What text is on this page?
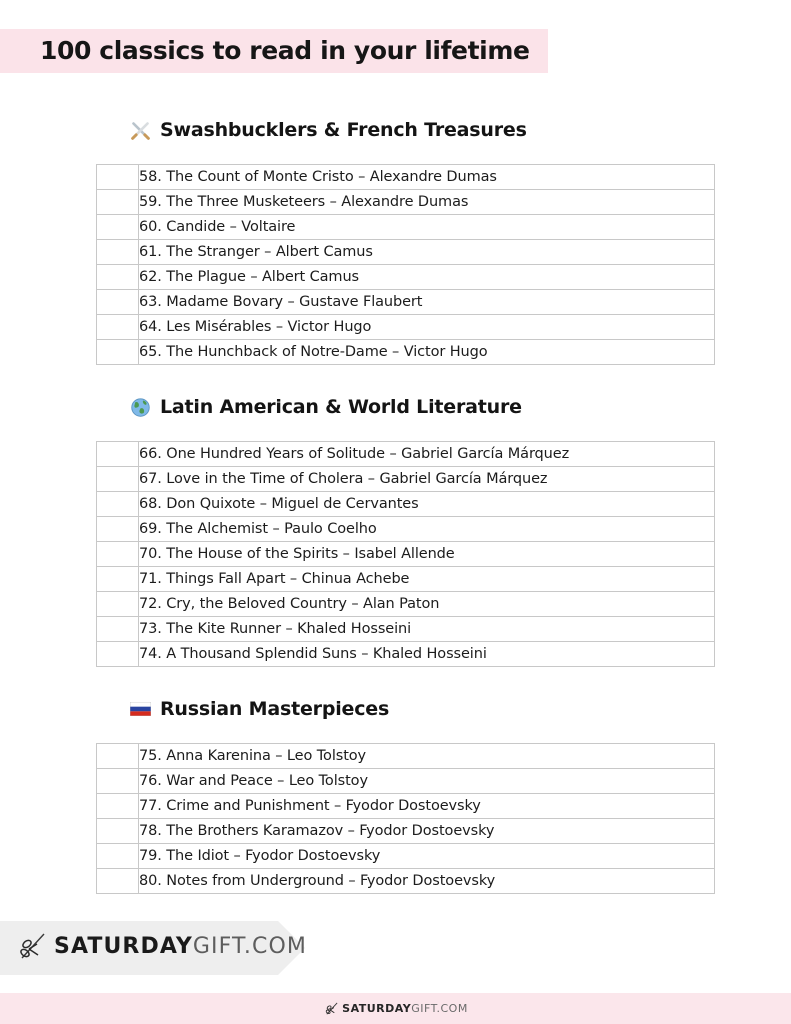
100 classics to read in your lifetime
Swashbucklers & French Treasures
	58. The Count of Monte Cristo – Alexandre Dumas

	59. The Three Musketeers – Alexandre Dumas

	60. Candide – Voltaire

	61. The Stranger – Albert Camus

	62. The Plague – Albert Camus

	63. Madame Bovary – Gustave Flaubert

	64. Les Misérables – Victor Hugo

	65. The Hunchback of Notre-Dame – Victor Hugo
Latin American & World Literature
	66. One Hundred Years of Solitude – Gabriel García Márquez

	67. Love in the Time of Cholera – Gabriel García Márquez

	68. Don Quixote – Miguel de Cervantes

	69. The Alchemist – Paulo Coelho

	70. The House of the Spirits – Isabel Allende

	71. Things Fall Apart – Chinua Achebe

	72. Cry, the Beloved Country – Alan Paton

	73. The Kite Runner – Khaled Hosseini

	74. A Thousand Splendid Suns – Khaled Hosseini
Russian Masterpieces
	75. Anna Karenina – Leo Tolstoy

	76. War and Peace – Leo Tolstoy

	77. Crime and Punishment – Fyodor Dostoevsky

	78. The Brothers Karamazov – Fyodor Dostoevsky

	79. The Idiot – Fyodor Dostoevsky

	80. Notes from Underground – Fyodor Dostoevsky
SATURDAYGIFT.COM
SATURDAYGIFT.COM
